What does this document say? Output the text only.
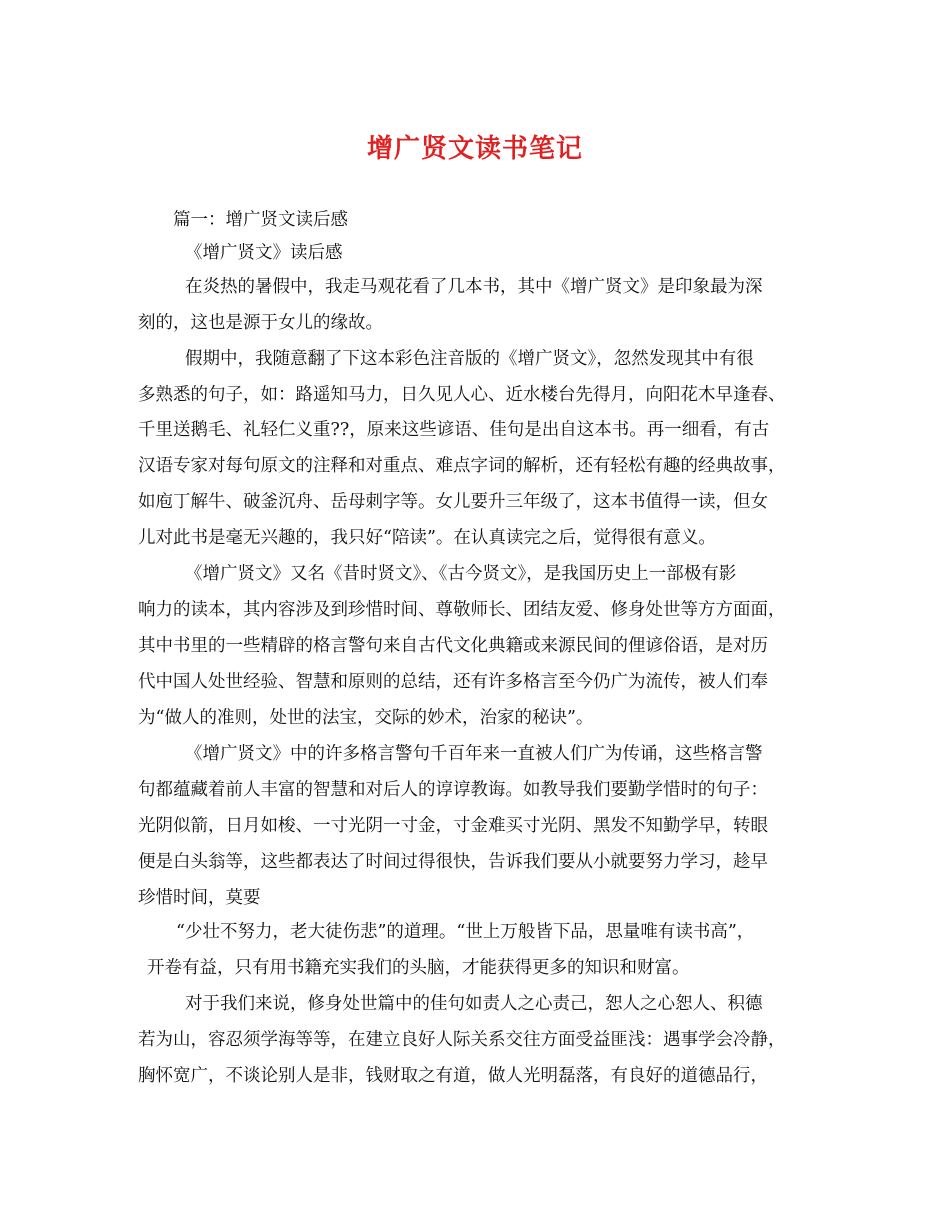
增广贤文读书笔记
篇一：增广贤文读后感
《增广贤文》读后感
在炎热的暑假中，我走马观花看了几本书，其中《增广贤文》是印象最为深
刻的，这也是源于女儿的缘故。
假期中，我随意翻了下这本彩色注音版的《增广贤文》，忽然发现其中有很
多熟悉的句子，如：路遥知马力，日久见人心、近水楼台先得月，向阳花木早逢春、
千里送鹅毛、礼轻仁义重??，原来这些谚语、佳句是出自这本书。再一细看，有古
汉语专家对每句原文的注释和对重点、难点字词的解析，还有轻松有趣的经典故事，
如庖丁解牛、破釜沉舟、岳母刺字等。女儿要升三年级了，这本书值得一读，但女
儿对此书是毫无兴趣的，我只好“陪读”。在认真读完之后，觉得很有意义。
《增广贤文》又名《昔时贤文》、《古今贤文》，是我国历史上一部极有影
响力的读本，其内容涉及到珍惜时间、尊敬师长、团结友爱、修身处世等方方面面，
其中书里的一些精辟的格言警句来自古代文化典籍或来源民间的俚谚俗语，是对历
代中国人处世经验、智慧和原则的总结，还有许多格言至今仍广为流传，被人们奉
为“做人的准则，处世的法宝，交际的妙术，治家的秘诀”。
《增广贤文》中的许多格言警句千百年来一直被人们广为传诵，这些格言警
句都蕴藏着前人丰富的智慧和对后人的谆谆教诲。如教导我们要勤学惜时的句子：
光阴似箭，日月如梭、一寸光阴一寸金，寸金难买寸光阴、黑发不知勤学早，转眼
便是白头翁等，这些都表达了时间过得很快，告诉我们要从小就要努力学习，趁早
珍惜时间，莫要
“少壮不努力，老大徒伤悲”的道理。“世上万般皆下品，思量唯有读书高”，
开卷有益，只有用书籍充实我们的头脑，才能获得更多的知识和财富。
对于我们来说，修身处世篇中的佳句如责人之心责己，恕人之心恕人、积德
若为山，容忍须学海等等，在建立良好人际关系交往方面受益匪浅：遇事学会冷静，
胸怀宽广，不谈论别人是非，钱财取之有道，做人光明磊落，有良好的道德品行，
